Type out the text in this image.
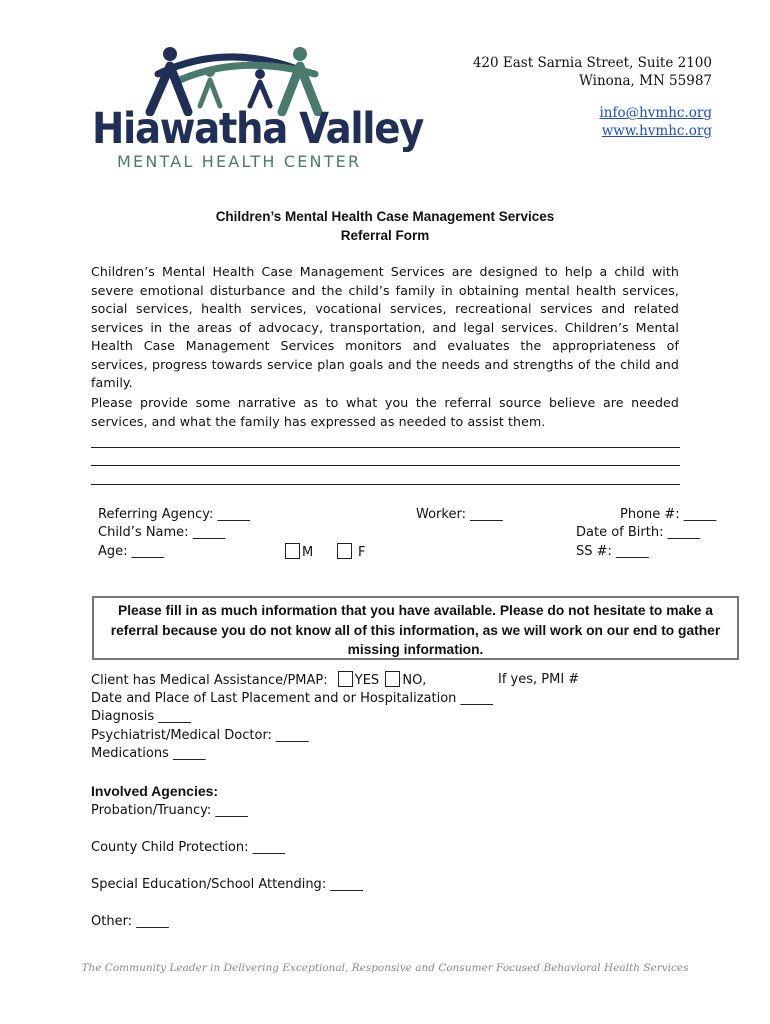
Hiawatha Valley
MENTAL HEALTH CENTER
420 East Sarnia Street, Suite 2100
Winona, MN 55987
info@hvmhc.org
www.hvmhc.org
Children’s Mental Health Case Management Services
Referral Form
Children’s Mental Health Case Management Services are designed to help a child with severe emotional disturbance and the child’s family in obtaining mental health services, social services, health services, vocational services, recreational services and related services in the areas of advocacy, transportation, and legal services. Children’s Mental Health Case Management Services monitors and evaluates the appropriateness of services, progress towards service plan goals and the needs and strengths of the child and family.
Please provide some narrative as to what you the referral source believe are needed services, and what the family has expressed as needed to assist them.
Referring Agency: _____	Worker: _____	Phone #: _____
Child’s Name: _____	Date of Birth: _____
Age: _____	M	F	SS #: _____
Please fill in as much information that you have available. Please do not hesitate to make a
referral because you do not know all of this information, as we will work on our end to gather
missing information.
Client has Medical Assistance/PMAP: YES NO,	If yes, PMI #
Date and Place of Last Placement and or Hospitalization _____
Diagnosis _____
Psychiatrist/Medical Doctor: _____
Medications _____
Involved Agencies:
Probation/Truancy: _____
County Child Protection: _____
Special Education/School Attending: _____
Other: _____
The Community Leader in Delivering Exceptional, Responsive and Consumer Focused Behavioral Health Services
